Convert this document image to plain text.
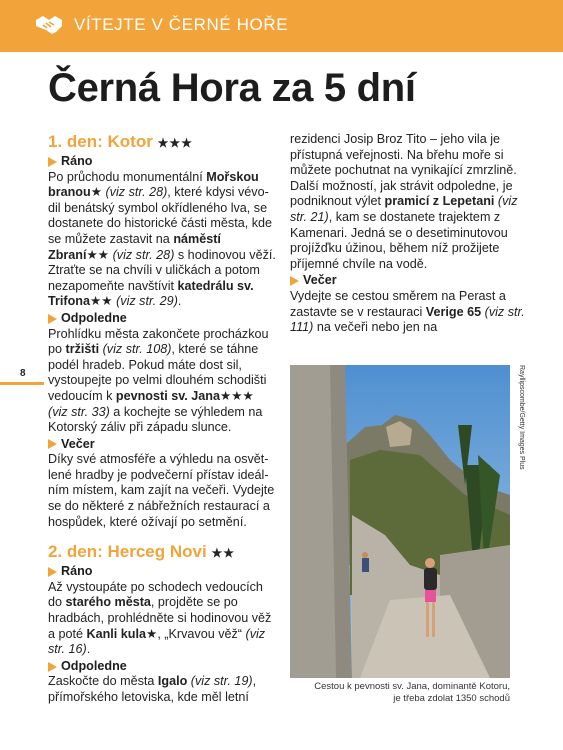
VÍTEJTE V ČERNÉ HOŘE
Černá Hora za 5 dní
8
1. den: Kotor ★★★
Ráno

Po průchodu monumentální Mořskou branou★ (viz str. 28), které kdysi vévodil benátský symbol okřídleného lva, se dostanete do historické části města, kde se můžete zastavit na náměstí Zbraní★★ (viz str. 28) s hodinovou věží. Ztraťte se na chvíli v uličkách a potom nezapomeňte navštívit katedrálu sv. Trifona★★ (viz str. 29).

Odpoledne

Prohlídku města zakončete procházkou po tržišti (viz str. 108), které se táhne podél hradeb. Pokud máte dost sil, vystoupejte po velmi dlouhém schodišti vedoucím k pevnosti sv. Jana★★★ (viz str. 33) a kochejte se výhledem na Kotorský záliv při západu slunce.

Večer

Díky své atmosféře a výhledu na osvětlené hradby je podvečerní přístav ideálním místem, kam zajít na večeři. Vydejte se do některé z nábřežních restaurací a hospůdek, které ožívají po setmění.

2. den: Herceg Novi ★★
Ráno

Až vystoupáte po schodech vedoucích do starého města, projděte se po hradbách, prohlédněte si hodinovou věž a poté Kanli kula★, „Krvavou věž“ (viz str. 16).

Odpoledne

Zaskočte do města Igalo (viz str. 19), přímořského letoviska, kde měl letní

rezidenci Josip Broz Tito – jeho vila je přístupná veřejnosti. Na břehu moře si můžete pochutnat na vynikající zmrzlině.

Další možností, jak strávit odpoledne, je podniknout výlet pramicí z Lepetani (viz str. 21), kam se dostanete trajektem z Kamenari. Jedná se o desetiminutovou projížďku úžinou, během níž prožijete příjemné chvíle na vodě.

Večer

Vydejte se cestou směrem na Perast a zastavte se v restauraci Verige 65 (viz str. 111) na večeři nebo jen na

Rayllipscombe/Getty Images Plus
Cestou k pevnosti sv. Jana, dominantě Kotoru,
je třeba zdolat 1350 schodů
